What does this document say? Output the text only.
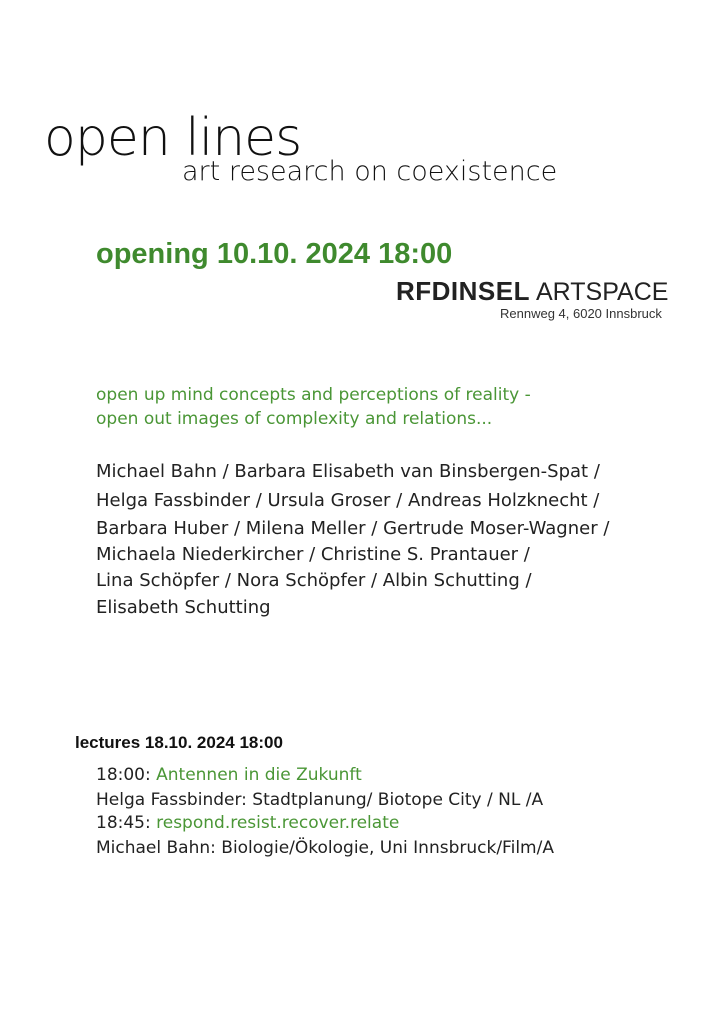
open lines
art research on coexistence
opening 10.10. 2024 18:00
RFDINSEL ARTSPACE
Rennweg 4, 6020 Innsbruck
open up mind concepts and perceptions of reality -
open out images of complexity and relations...
Michael Bahn / Barbara Elisabeth van Binsbergen-Spat /
Helga Fassbinder / Ursula Groser / Andreas Holzknecht /
Barbara Huber / Milena Meller / Gertrude Moser-Wagner /
Michaela Niederkircher / Christine S. Prantauer /
Lina Schöpfer / Nora Schöpfer / Albin Schutting /
Elisabeth Schutting
lectures 18.10. 2024 18:00
18:00: Antennen in die Zukunft
Helga Fassbinder: Stadtplanung/ Biotope City / NL /A
18:45: respond.resist.recover.relate
Michael Bahn: Biologie/Ökologie, Uni Innsbruck/Film/A
